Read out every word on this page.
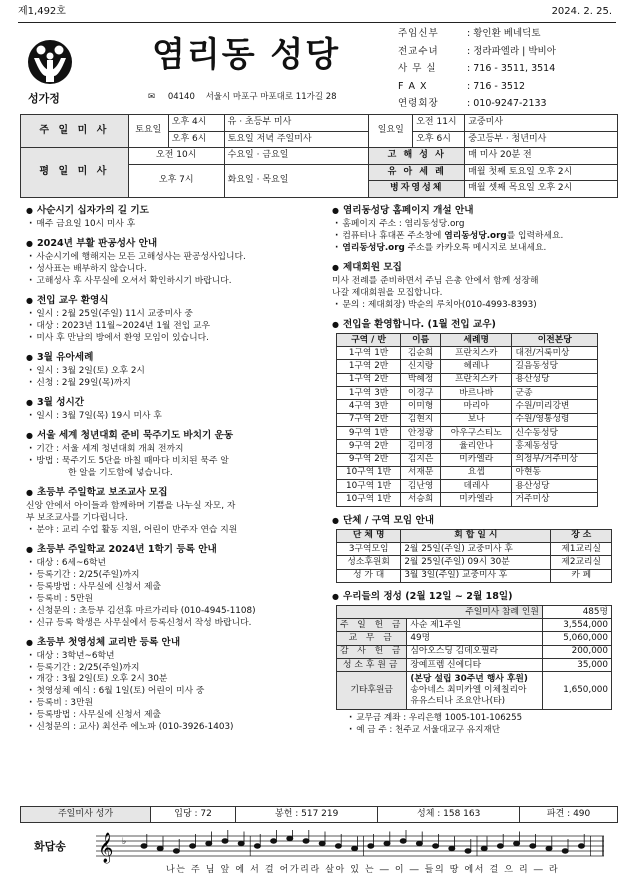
제1,492호	2024. 2. 25.
성가정
염리동 성당
✉ 04140 서울시 마포구 마포대로 11가길 28
주임신부	: 황인환 베네딕토
전교수녀	: 정라파엘라 | 박비아
사 무 실	: 716 - 3511, 3514
F A X	: 716 - 3512
연령회장	: 010-9247-2133
주 일 미 사	토요일	오후 4시	유 · 초등부 미사	일요일	오전 11시	교중미사
		오후 6시	토요일 저녁 주일미사		오후 6시	중고등부 · 청년미사
평 일 미 사	오전 10시		수요일 · 금요일	고 해 성 사		매 미사 20분 전
	오후 7시		화요일 · 목요일	유 아 세 례		매월 첫째 토요일 오후 2시
				병자영성체		매월 셋째 목요일 오후 2시
● 사순시기 십자가의 길 기도
· 매주 금요일 10시 미사 후
● 2024년 부활 판공성사 안내
· 사순시기에 행해지는 모든 고해성사는 판공성사입니다.
· 성사표는 배부하지 않습니다.
· 고해성사 후 사무실에 오셔서 확인하시기 바랍니다.
● 전입 교우 환영식
· 일시 : 2월 25일(주일) 11시 교중미사 중
· 대상 : 2023년 11월~2024년 1월 전입 교우
· 미사 후 만남의 방에서 환영 모임이 있습니다.
● 3월 유아세례
· 일시 : 3월 2일(토) 오후 2시
· 신청 : 2월 29일(목)까지
● 3월 성시간
· 일시 : 3월 7일(목) 19시 미사 후
● 서울 세계 청년대회 준비 묵주기도 바치기 운동
· 기간 : 서울 세계 청년대회 개최 전까지
· 방법 : 묵주기도 5단을 바칠 때마다 비치된 묵주 알
한 알을 기도함에 넣습니다.
● 초등부 주일학교 보조교사 모집
신앙 안에서 아이들과 함께하며 기쁨을 나누실 자모, 자
부 보조교사를 기다립니다.
· 분야 : 교리 수업 활동 지원, 어린이 반주자 연습 지원
● 초등부 주일학교 2024년 1학기 등록 안내
· 대상 : 6세~6학년
· 등록기간 : 2/25(주일)까지
· 등록방법 : 사무실에 신청서 제출
· 등록비 : 5만원
· 신청문의 : 초등부 김선휴 마르가리타 (010-4945-1108)
· 신규 등록 학생은 사무실에서 등록신청서 작성 바랍니다.
● 초등부 첫영성체 교리반 등록 안내
· 대상 : 3학년~6학년
· 등록기간 : 2/25(주일)까지
· 개강 : 3월 2일(토) 오후 2시 30분
· 첫영성체 예식 : 6월 1일(토) 어린이 미사 중
· 등록비 : 3만원
· 등록방법 : 사무실에 신청서 제출
· 신청문의 : 교사) 최선주 에노파 (010-3926-1403)
● 염리동성당 홈페이지 개설 안내
· 홈페이지 주소 : 염리동성당.org
· 컴퓨터나 휴대폰 주소창에 염리동성당.org를 입력하세요.
· 염리동성당.org 주소를 카카오톡 메시지로 보내세요.
● 제대회원 모집
미사 전례를 준비하면서 주님 은총 안에서 함께 성장해
나갈 제대회원을 모집합니다.
· 문의 : 제대회장) 박순의 루치아(010-4993-8393)
● 전입을 환영합니다. (1월 전입 교우)
구역 / 반	이름	세례명	이전본당
1구역 1반	김순희	프란치스카	대전/거룩미상
1구역 2반	신지랑	헤레나	길음동성당
1구역 2반	박혜정	프란치스카	용산성당
1구역 3반	이경구	바르나바	군종
4구역 3반	이미형	마리아	수원/미리강변
7구역 2반	김현지	보나	수원/영통성령
9구역 1반	안정광	아우구스티노	신수동성당
9구역 2반	김미경	율리안나	홍제동성당
9구역 2반	김지은	미카엘라	의정부/거주미상
10구역 1반	서재문	요셉	아현동
10구역 1반	김난영	데레사	용산성당
10구역 1반	서승희	미카엘라	거주미상
● 단체 / 구역 모임 안내
단 체 명	회 합 일 시	장 소
3구역모임	2월 25일(주일) 교중미사 후	제1교리실
성소후원회	2월 25일(주일) 09시 30분	제2교리실
성 가 대	3월 3일(주일) 교중미사 후	카 페
● 우리들의 정성 (2월 12일 ~ 2월 18일)
주일미사 참례 인원		485명
주 일 헌 금	사순 제1주일	3,554,000
교 무 금	49명	5,060,000
감 사 헌 금	심아오스딩 김데오필라	200,000
성소후원금	장예프렘 신에디타	35,000
기타후원금	(본당 설립 30주년 행사 후원)
송아네스 최미카엘 이체칠리아
유유스티나 조요안나(타)	1,650,000
· 교무금 계좌 : 우리은행 1005-101-106255
· 예 금 주 : 천주교 서울대교구 유지재단
주일미사 성가	입당 : 72	봉헌 : 517 219	성체 : 158 163	파견 : 490
화답송 𝄞 ♭
나는 주 님 앞 에 서 걸 어가리라 살아 있 는 ― 이 ― 들의 땅 에서 걸 으 리 ― 라
